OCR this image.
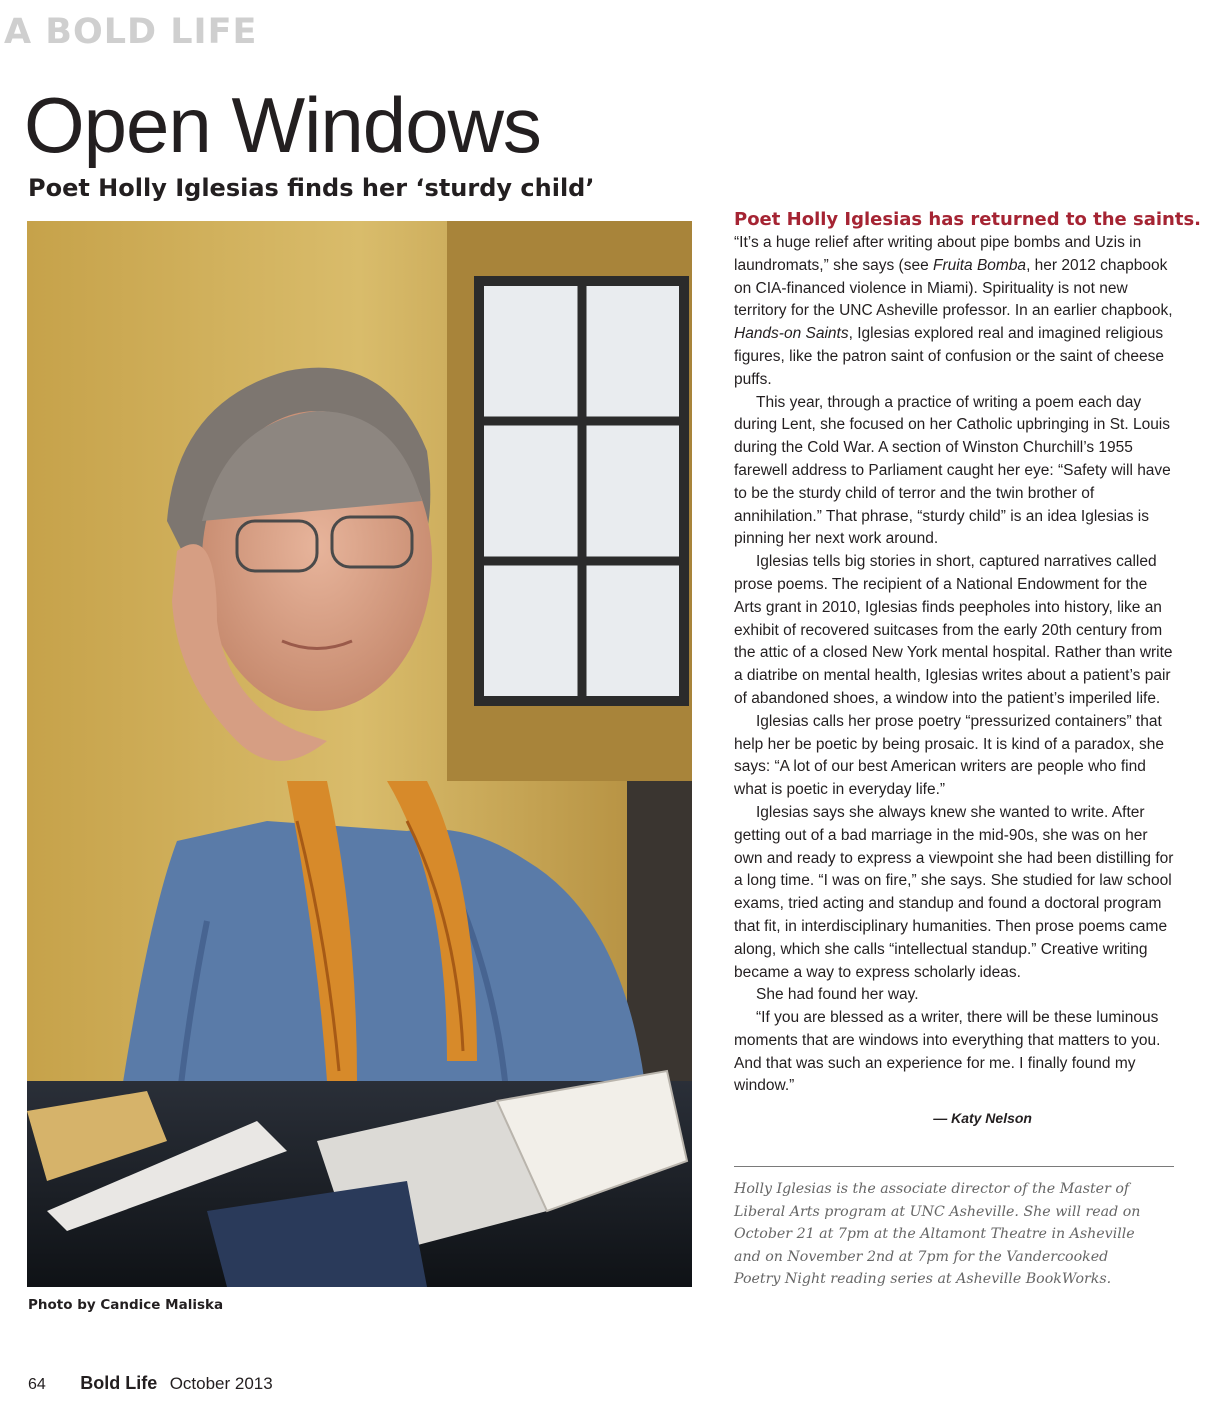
A BOLD LIFE
Open Windows
Poet Holly Iglesias finds her ‘sturdy child’
Photo by Candice Maliska
Poet Holly Iglesias has returned to the saints.

“It’s a huge relief after writing about pipe bombs and Uzis in laundromats,” she says (see Fruita Bomba, her 2012 chapbook on CIA-financed violence in Miami). Spirituality is not new territory for the UNC Asheville professor. In an earlier chapbook, Hands-on Saints, Iglesias explored real and imagined religious figures, like the patron saint of confusion or the saint of cheese puffs.

This year, through a practice of writing a poem each day during Lent, she focused on her Catholic upbringing in St. Louis during the Cold War. A section of Winston Churchill’s 1955 farewell address to Parliament caught her eye: “Safety will have to be the sturdy child of terror and the twin brother of annihilation.” That phrase, “sturdy child” is an idea Iglesias is pinning her next work around.

Iglesias tells big stories in short, captured narratives called prose poems. The recipient of a National Endowment for the Arts grant in 2010, Iglesias finds peepholes into history, like an exhibit of recovered suitcases from the early 20th century from the attic of a closed New York mental hospital. Rather than write a diatribe on mental health, Iglesias writes about a patient’s pair of abandoned shoes, a window into the patient’s imperiled life.

Iglesias calls her prose poetry “pressurized containers” that help her be poetic by being prosaic. It is kind of a paradox, she says: “A lot of our best American writers are people who find what is poetic in everyday life.”

Iglesias says she always knew she wanted to write. After getting out of a bad marriage in the mid-90s, she was on her own and ready to express a viewpoint she had been distilling for a long time. “I was on fire,” she says. She studied for law school exams, tried acting and standup and found a doctoral program that fit, in interdisciplinary humanities. Then prose poems came along, which she calls “intellectual standup.” Creative writing became a way to express scholarly ideas.

She had found her way.

“If you are blessed as a writer, there will be these luminous moments that are windows into everything that matters to you. And that was such an experience for me. I finally found my window.”

— Katy Nelson
Holly Iglesias is the associate director of the Master of Liberal Arts program at UNC Asheville. She will read on October 21 at 7pm at the Altamont Theatre in Asheville and on November 2nd at 7pm for the Vandercooked Poetry Night reading series at Asheville BookWorks.
64 Bold Life October 2013
